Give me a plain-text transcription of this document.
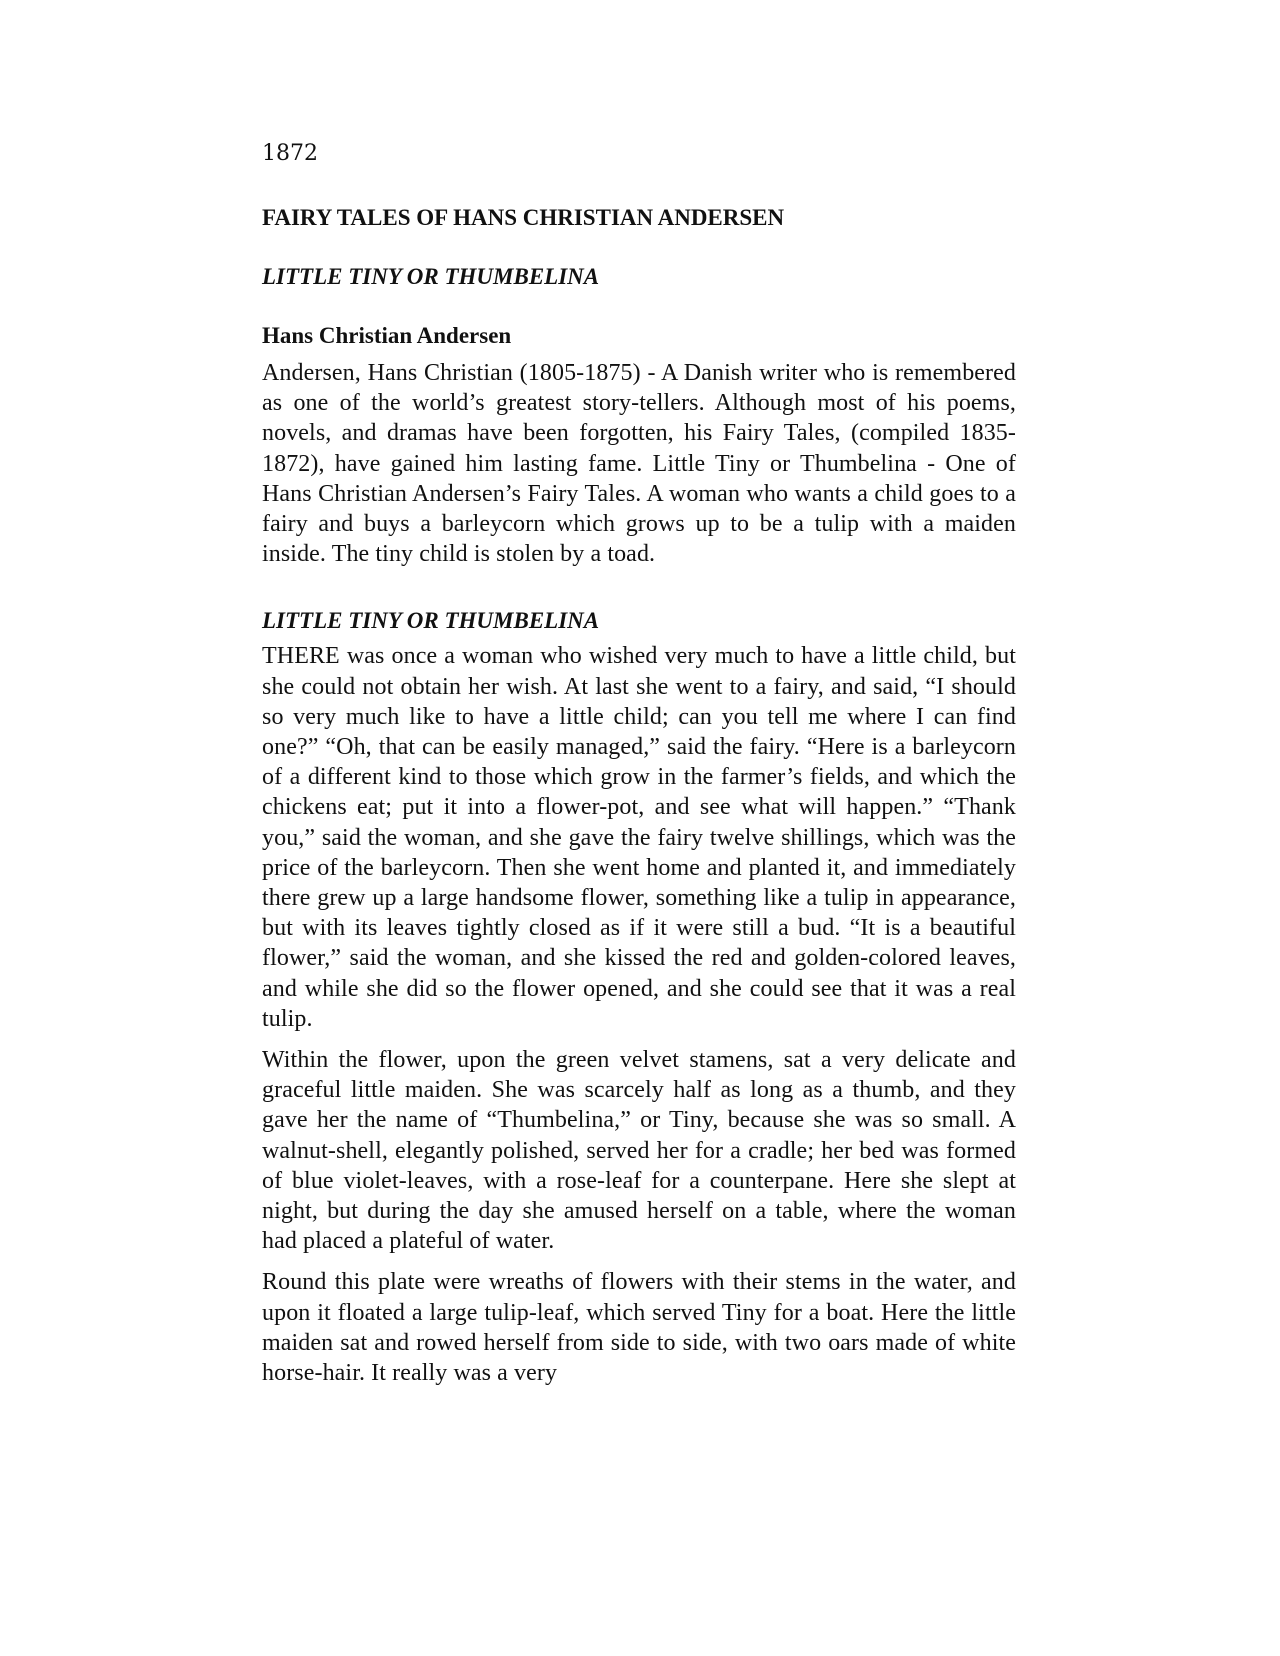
1872
FAIRY TALES OF HANS CHRISTIAN ANDERSEN
LITTLE TINY OR THUMBELINA
Hans Christian Andersen

Andersen, Hans Christian (1805-1875) - A Danish writer who is remembered as one of the world’s greatest story-tellers. Although most of his poems, novels, and dramas have been forgotten, his Fairy Tales, (compiled 1835- 1872), have gained him lasting fame. Little Tiny or Thumbelina - One of Hans Christian Andersen’s Fairy Tales. A woman who wants a child goes to a fairy and buys a barleycorn which grows up to be a tulip with a maiden inside. The tiny child is stolen by a toad.

LITTLE TINY OR THUMBELINA

THERE was once a woman who wished very much to have a little child, but she could not obtain her wish. At last she went to a fairy, and said, “I should so very much like to have a little child; can you tell me where I can find one?” “Oh, that can be easily managed,” said the fairy. “Here is a barleycorn of a different kind to those which grow in the farmer’s fields, and which the chickens eat; put it into a flower-pot, and see what will happen.” “Thank you,” said the woman, and she gave the fairy twelve shillings, which was the price of the barleycorn. Then she went home and planted it, and immediately there grew up a large handsome flower, something like a tulip in appearance, but with its leaves tightly closed as if it were still a bud. “It is a beautiful flower,” said the woman, and she kissed the red and golden-colored leaves, and while she did so the flower opened, and she could see that it was a real tulip.

Within the flower, upon the green velvet stamens, sat a very delicate and graceful little maiden. She was scarcely half as long as a thumb, and they gave her the name of “Thumbelina,” or Tiny, because she was so small. A walnut-shell, elegantly polished, served her for a cradle; her bed was formed of blue violet-leaves, with a rose-leaf for a counterpane. Here she slept at night, but during the day she amused herself on a table, where the woman had placed a plateful of water.

Round this plate were wreaths of flowers with their stems in the water, and upon it floated a large tulip-leaf, which served Tiny for a boat. Here the little maiden sat and rowed herself from side to side, with two oars made of white horse-hair. It really was a very
